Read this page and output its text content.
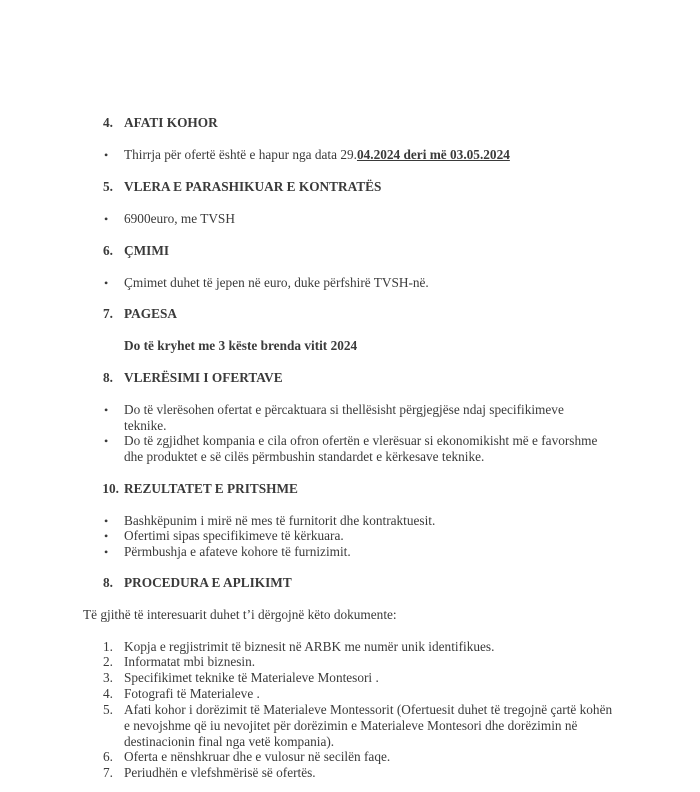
4. AFATI KOHOR
• Thirrja për ofertë është e hapur nga data 29.04.2024 deri më 03.05.2024
5. VLERA E PARASHIKUAR E KONTRATËS
• 6900euro, me TVSH
6. ÇMIMI
• Çmimet duhet të jepen në euro, duke përfshirë TVSH-në.
7. PAGESA
Do të kryhet me 3 këste brenda vitit 2024
8. VLERËSIMI I OFERTAVE
• Do të vlerësohen ofertat e përcaktuara si thellësisht përgjegjëse ndaj specifikimeve teknike.
• Do të zgjidhet kompania e cila ofron ofertën e vlerësuar si ekonomikisht më e favorshme dhe produktet e së cilës përmbushin standardet e kërkesave teknike.
10. REZULTATET E PRITSHME
• Bashkëpunim i mirë në mes të furnitorit dhe kontraktuesit.
• Ofertimi sipas specifikimeve të kërkuara.
• Përmbushja e afateve kohore të furnizimit.
8. PROCEDURA E APLIKIMT
Të gjithë të interesuarit duhet t’i dërgojnë këto dokumente:
1. Kopja e regjistrimit të biznesit në ARBK me numër unik identifikues.
2. Informatat mbi biznesin.
3. Specifikimet teknike të Materialeve Montesori .
4. Fotografi të Materialeve .
5. Afati kohor i dorëzimit të Materialeve Montessorit (Ofertuesit duhet të tregojnë çartë kohën e nevojshme që iu nevojitet për dorëzimin e Materialeve Montesori dhe dorëzimin në destinacionin final nga vetë kompania).
6. Oferta e nënshkruar dhe e vulosur në secilën faqe.
7. Periudhën e vlefshmërisë së ofertës.
